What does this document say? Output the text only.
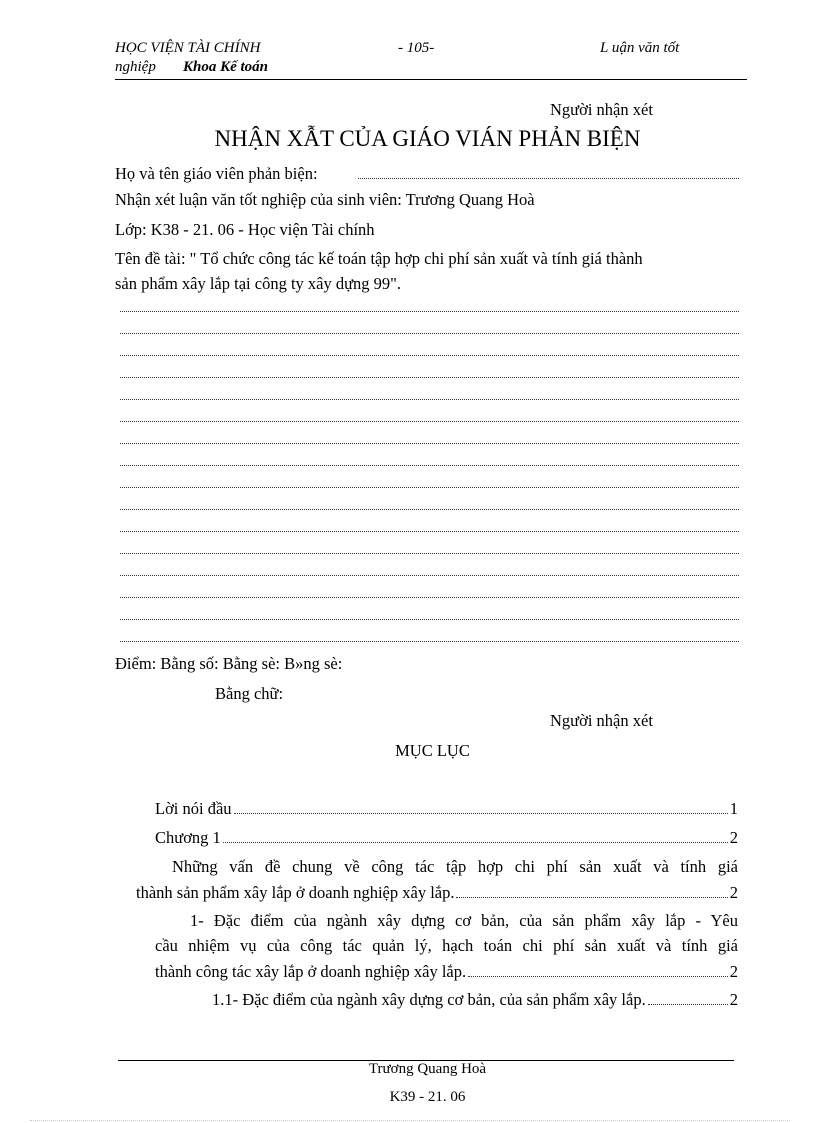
HỌC VIỆN TÀI CHÍNH	- 105-	L uận văn tốt
nghiệp Khoa Kế toán
Người nhận xét
NHẬN XẪT CỦA GIÁO VIÁN PHẢN BIỆN
Họ và tên giáo viên phản biện:
Nhận xét luận văn tốt nghiệp của sinh viên: Trương Quang Hoà
Lớp: K38 - 21. 06 - Học viện Tài chính
Tên đề tài: " Tổ chức công tác kế toán tập hợp chi phí sản xuất và tính giá thành
sản phẩm xây lắp tại công ty xây dựng 99".
Điểm: Bằng số: Bằng sè: B»ng sè:
Bằng chữ:
Người nhận xét
MỤC LỤC
Lời nói đầu	1
Chương 1	2
Những vấn đề chung về công tác tập hợp chi phí sản xuất và tính giá
thành sản phẩm xây lắp ở doanh nghiệp xây lắp.	2
1- Đặc điểm của ngành xây dựng cơ bản, của sản phẩm xây lắp - Yêu
cầu nhiệm vụ của công tác quản lý, hạch toán chi phí sản xuất và tính giá
thành công tác xây lắp ở doanh nghiệp xây lắp.	2
1.1- Đặc điểm của ngành xây dựng cơ bản, của sản phẩm xây lắp.	2
Trương Quang Hoà
K39 - 21. 06
